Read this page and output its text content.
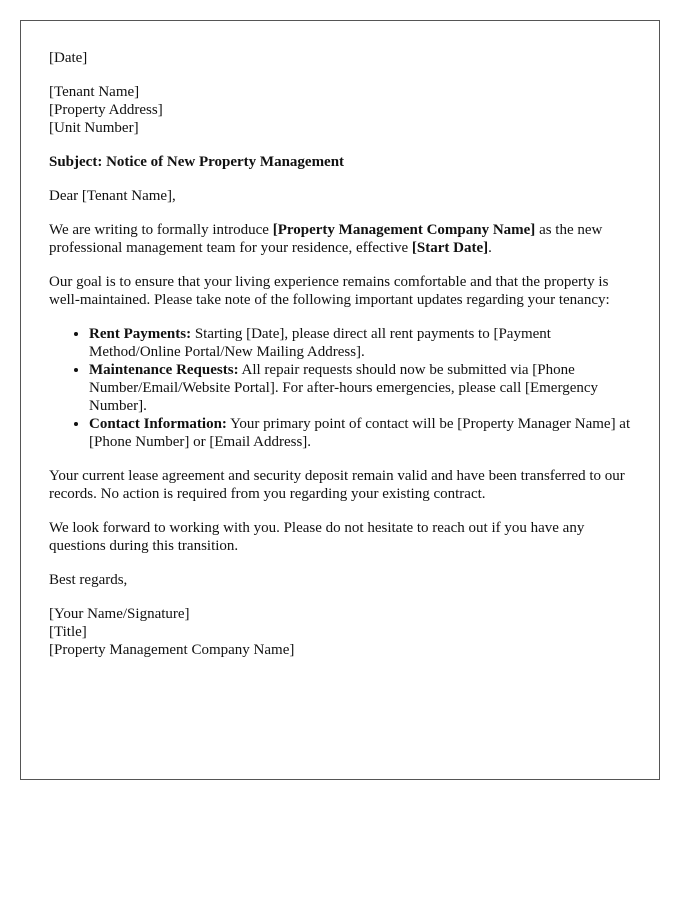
[Date]

[Tenant Name]
[Property Address]
[Unit Number]

Subject: Notice of New Property Management

Dear [Tenant Name],

We are writing to formally introduce [Property Management Company Name] as the new professional management team for your residence, effective [Start Date].

Our goal is to ensure that your living experience remains comfortable and that the property is well-maintained. Please take note of the following important updates regarding your tenancy:

• Rent Payments: Starting [Date], please direct all rent payments to [Payment Method/Online Portal/New Mailing Address].
• Maintenance Requests: All repair requests should now be submitted via [Phone Number/Email/Website Portal]. For after-hours emergencies, please call [Emergency Number].
• Contact Information: Your primary point of contact will be [Property Manager Name] at [Phone Number] or [Email Address].

Your current lease agreement and security deposit remain valid and have been transferred to our records. No action is required from you regarding your existing contract.

We look forward to working with you. Please do not hesitate to reach out if you have any questions during this transition.

Best regards,

[Your Name/Signature]
[Title]
[Property Management Company Name]
